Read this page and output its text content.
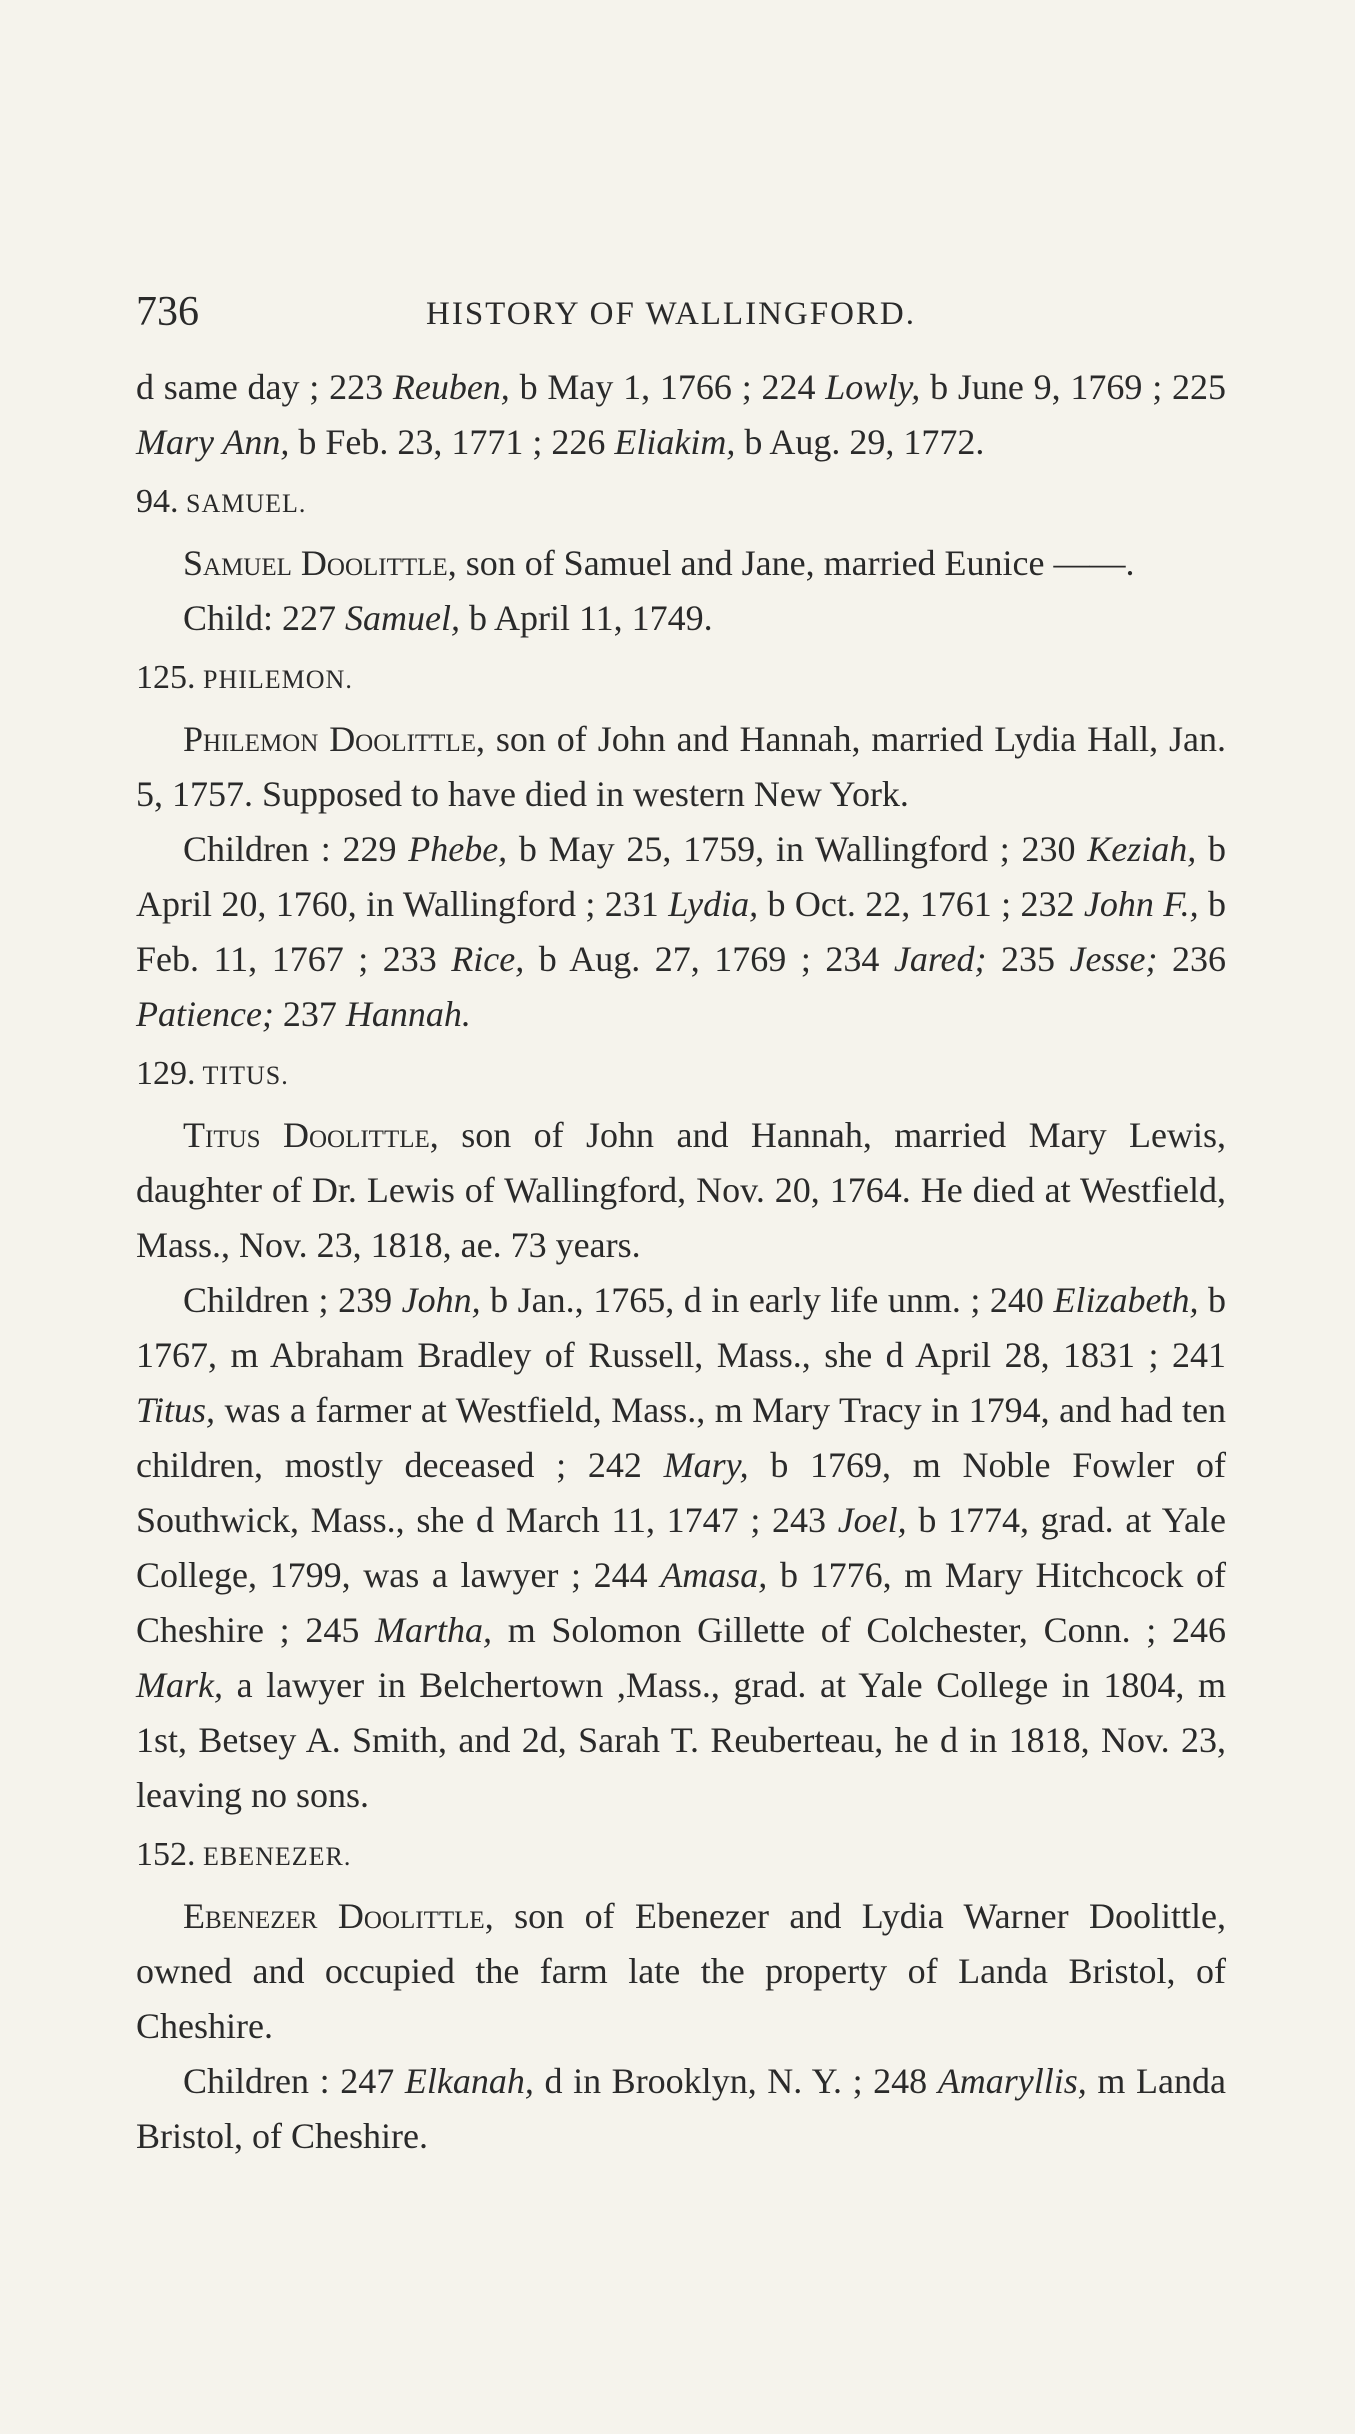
736	HISTORY OF WALLINGFORD.

d same day ; 223 Reuben, b May 1, 1766 ; 224 Lowly, b June 9, 1769 ; 225 Mary Ann, b Feb. 23, 1771 ; 226 Eliakim, b Aug. 29, 1772.

94. SAMUEL.

Samuel Doolittle, son of Samuel and Jane, married Eunice ——.

Child: 227 Samuel, b April 11, 1749.

125. PHILEMON.

Philemon Doolittle, son of John and Hannah, married Lydia Hall, Jan. 5, 1757. Supposed to have died in western New York.

Children : 229 Phebe, b May 25, 1759, in Wallingford ; 230 Keziah, b April 20, 1760, in Wallingford ; 231 Lydia, b Oct. 22, 1761 ; 232 John F., b Feb. 11, 1767 ; 233 Rice, b Aug. 27, 1769 ; 234 Jared; 235 Jesse; 236 Patience; 237 Hannah.

129. TITUS.

Titus Doolittle, son of John and Hannah, married Mary Lewis, daughter of Dr. Lewis of Wallingford, Nov. 20, 1764. He died at Westfield, Mass., Nov. 23, 1818, ae. 73 years.

Children ; 239 John, b Jan., 1765, d in early life unm. ; 240 Elizabeth, b 1767, m Abraham Bradley of Russell, Mass., she d April 28, 1831 ; 241 Titus, was a farmer at Westfield, Mass., m Mary Tracy in 1794, and had ten children, mostly deceased ; 242 Mary, b 1769, m Noble Fowler of Southwick, Mass., she d March 11, 1747 ; 243 Joel, b 1774, grad. at Yale College, 1799, was a lawyer ; 244 Amasa, b 1776, m Mary Hitchcock of Cheshire ; 245 Martha, m Solomon Gillette of Colchester, Conn. ; 246 Mark, a lawyer in Belchertown ,Mass., grad. at Yale College in 1804, m 1st, Betsey A. Smith, and 2d, Sarah T. Reuberteau, he d in 1818, Nov. 23, leaving no sons.

152. EBENEZER.

Ebenezer Doolittle, son of Ebenezer and Lydia Warner Doolittle, owned and occupied the farm late the property of Landa Bristol, of Cheshire.

Children : 247 Elkanah, d in Brooklyn, N. Y. ; 248 Amaryllis, m Landa Bristol, of Cheshire.
